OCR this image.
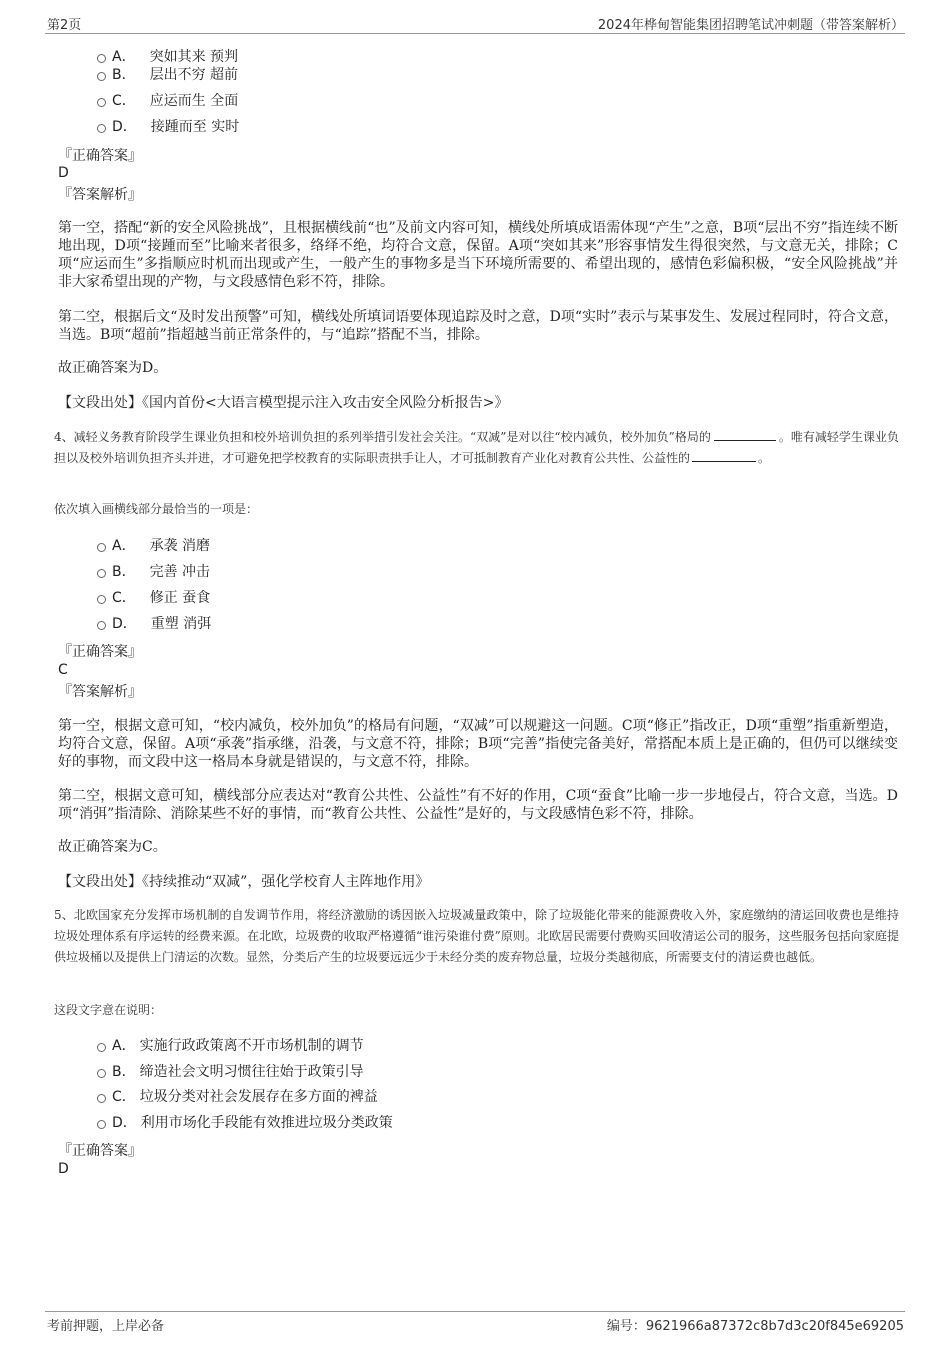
第2页	2024年桦甸智能集团招聘笔试冲刺题（带答案解析）
A． 突如其来 预判
B． 层出不穷 超前
C． 应运而生 全面
D． 接踵而至 实时
『正确答案』
D
『答案解析』
第一空，搭配“新的安全风险挑战”，且根据横线前“也”及前文内容可知，横线处所填成语需体现“产生”之意，B项“层出不穷”指连续不断地出现，D项“接踵而至”比喻来者很多，络绎不绝，均符合文意，保留。A项“突如其来”形容事情发生得很突然，与文意无关，排除；C项“应运而生”多指顺应时机而出现或产生，一般产生的事物多是当下环境所需要的、希望出现的，感情色彩偏积极，“安全风险挑战”并非大家希望出现的产物，与文段感情色彩不符，排除。
第二空，根据后文“及时发出预警”可知，横线处所填词语要体现追踪及时之意，D项“实时”表示与某事发生、发展过程同时，符合文意，当选。B项“超前”指超越当前正常条件的，与“追踪”搭配不当，排除。
故正确答案为D。
【文段出处】《国内首份<大语言模型提示注入攻击安全风险分析报告>》
4、减轻义务教育阶段学生课业负担和校外培训负担的系列举措引发社会关注。“双减”是对以往“校内减负，校外加负”格局的	。唯有减轻学生课业负担以及校外培训负担齐头并进，才可避免把学校教育的实际职责拱手让人，才可抵制教育产业化对教育公共性、公益性的	。
依次填入画横线部分最恰当的一项是：
A． 承袭 消磨
B． 完善 冲击
C． 修正 蚕食
D． 重塑 消弭
『正确答案』
C
『答案解析』
第一空，根据文意可知，“校内减负，校外加负”的格局有问题，“双减”可以规避这一问题。C项“修正”指改正，D项“重塑”指重新塑造，均符合文意，保留。A项“承袭”指承继，沿袭，与文意不符，排除；B项“完善”指使完备美好，常搭配本质上是正确的，但仍可以继续变好的事物，而文段中这一格局本身就是错误的，与文意不符，排除。
第二空，根据文意可知，横线部分应表达对“教育公共性、公益性”有不好的作用，C项“蚕食”比喻一步一步地侵占，符合文意，当选。D项“消弭”指清除、消除某些不好的事情，而“教育公共性、公益性”是好的，与文段感情色彩不符，排除。
故正确答案为C。
【文段出处】《持续推动“双减”，强化学校育人主阵地作用》
5、北欧国家充分发挥市场机制的自发调节作用，将经济激励的诱因嵌入垃圾减量政策中，除了垃圾能化带来的能源费收入外，家庭缴纳的清运回收费也是维持垃圾处理体系有序运转的经费来源。在北欧，垃圾费的收取严格遵循“谁污染谁付费”原则。北欧居民需要付费购买回收清运公司的服务，这些服务包括向家庭提供垃圾桶以及提供上门清运的次数。显然，分类后产生的垃圾要远远少于未经分类的废弃物总量，垃圾分类越彻底，所需要支付的清运费也越低。
这段文字意在说明：
A． 实施行政政策离不开市场机制的调节
B． 缔造社会文明习惯往往始于政策引导
C． 垃圾分类对社会发展存在多方面的裨益
D． 利用市场化手段能有效推进垃圾分类政策
『正确答案』
D
考前押题，上岸必备	编号：9621966a87372c8b7d3c20f845e69205
